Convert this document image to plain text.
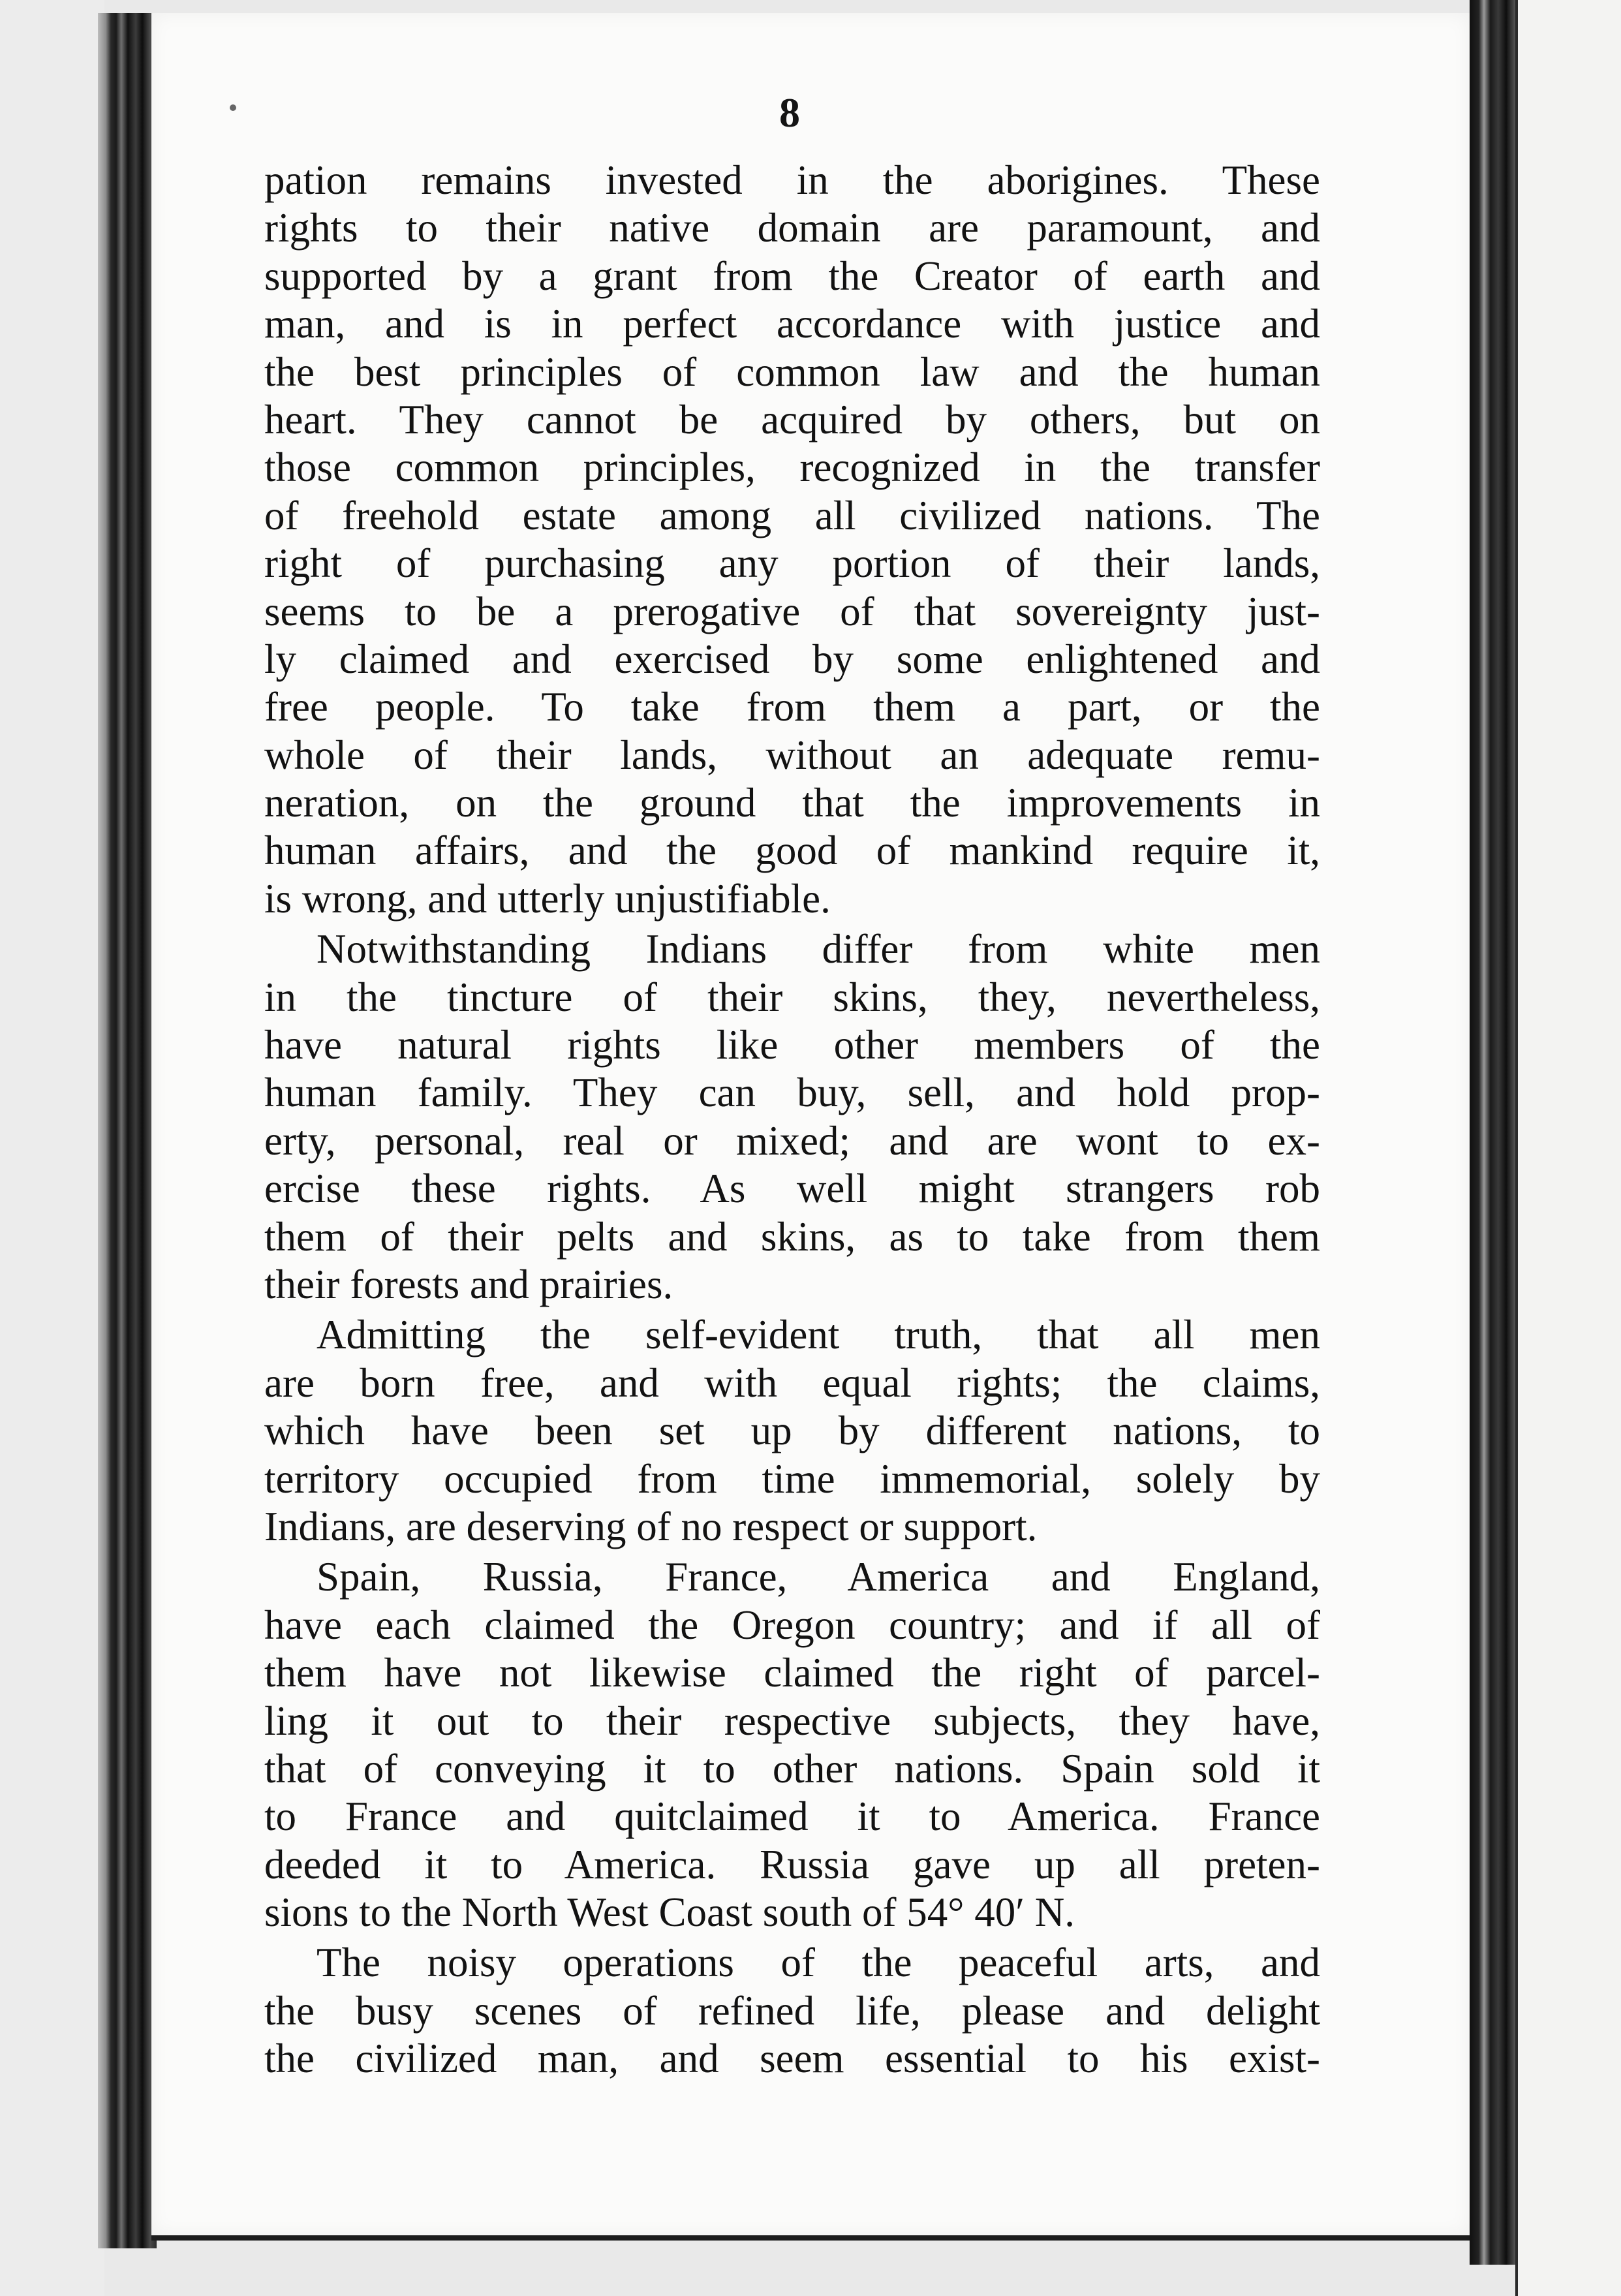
8
pation remains invested in the aborigines. These
rights to their native domain are paramount, and
supported by a grant from the Creator of earth and
man, and is in perfect accordance with justice and
the best principles of common law and the human
heart. They cannot be acquired by others, but on
those common principles, recognized in the transfer
of freehold estate among all civilized nations. The
right of purchasing any portion of their lands,
seems to be a prerogative of that sovereignty just-
ly claimed and exercised by some enlightened and
free people. To take from them a part, or the
whole of their lands, without an adequate remu-
neration, on the ground that the improvements in
human affairs, and the good of mankind require it,
is wrong, and utterly unjustifiable.
Notwithstanding Indians differ from white men
in the tincture of their skins, they, nevertheless,
have natural rights like other members of the
human family. They can buy, sell, and hold prop-
erty, personal, real or mixed; and are wont to ex-
ercise these rights. As well might strangers rob
them of their pelts and skins, as to take from them
their forests and prairies.
Admitting the self-evident truth, that all men
are born free, and with equal rights; the claims,
which have been set up by different nations, to
territory occupied from time immemorial, solely by
Indians, are deserving of no respect or support.
Spain, Russia, France, America and England,
have each claimed the Oregon country; and if all of
them have not likewise claimed the right of parcel-
ling it out to their respective subjects, they have,
that of conveying it to other nations. Spain sold it
to France and quitclaimed it to America. France
deeded it to America. Russia gave up all preten-
sions to the North West Coast south of 54° 40′ N.
The noisy operations of the peaceful arts, and
the busy scenes of refined life, please and delight
the civilized man, and seem essential to his exist-
